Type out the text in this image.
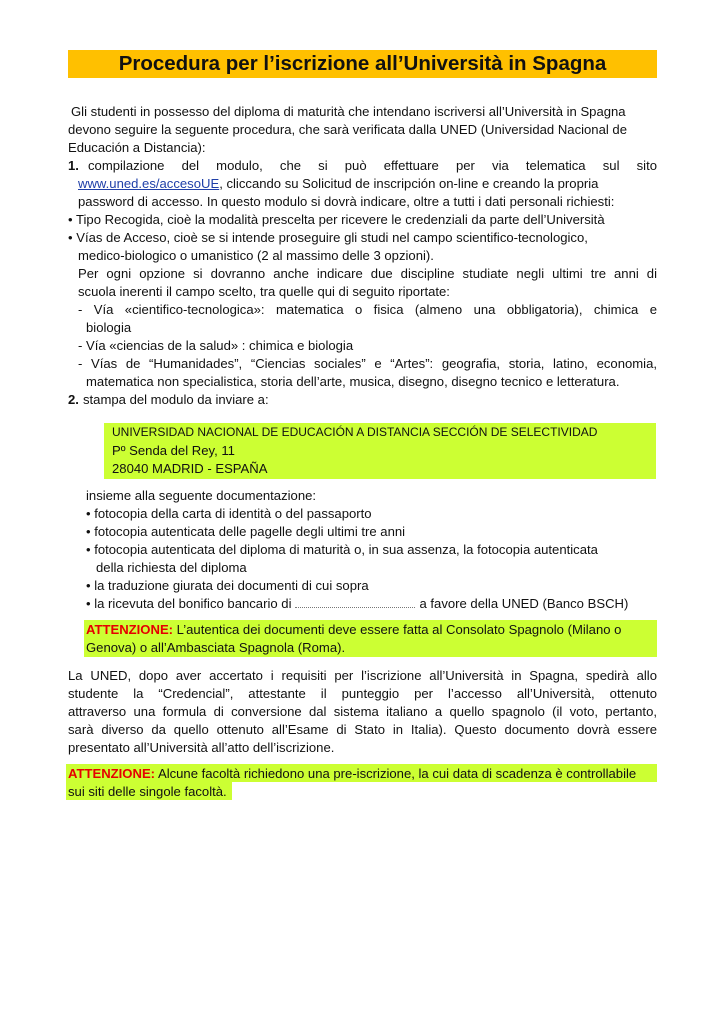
Procedura per l’iscrizione all’Università in Spagna
Gli studenti in possesso del diploma di maturità che intendano iscriversi all’Università in Spagna
devono seguire la seguente procedura, che sarà verificata dalla UNED (Universidad Nacional de
Educación a Distancia):
1. compilazione del modulo, che si può effettuare per via telematica sul sito
www.uned.es/accesoUE, cliccando su Solicitud de inscripción on-line e creando la propria
password di accesso. In questo modulo si dovrà indicare, oltre a tutti i dati personali richiesti:
• Tipo Recogida, cioè la modalità prescelta per ricevere le credenziali da parte dell’Università
• Vías de Acceso, cioè se si intende proseguire gli studi nel campo scientifico-tecnologico,
medico-biologico o umanistico (2 al massimo delle 3 opzioni).
Per ogni opzione si dovranno anche indicare due discipline studiate negli ultimi tre anni di
scuola inerenti il campo scelto, tra quelle qui di seguito riportate:
- Vía «cientifico-tecnologica»: matematica o fisica (almeno una obbligatoria), chimica e
biologia
- Vía «ciencias de la salud» : chimica e biologia
- Vías de “Humanidades”, “Ciencias sociales” e “Artes”: geografia, storia, latino, economia,
matematica non specialistica, storia dell’arte, musica, disegno, disegno tecnico e letteratura.
2. stampa del modulo da inviare a:
UNIVERSIDAD NACIONAL DE EDUCACIÓN A DISTANCIA SECCIÓN DE SELECTIVIDAD
Pº Senda del Rey, 11
28040 MADRID - ESPAÑA
insieme alla seguente documentazione:
• fotocopia della carta di identità o del passaporto
• fotocopia autenticata delle pagelle degli ultimi tre anni
• fotocopia autenticata del diploma di maturità o, in sua assenza, la fotocopia autenticata
della richiesta del diploma
• la traduzione giurata dei documenti di cui sopra
• la ricevuta del bonifico bancario di	a favore della UNED (Banco BSCH)
ATTENZIONE: L’autentica dei documenti deve essere fatta al Consolato Spagnolo (Milano o
Genova) o all’Ambasciata Spagnola (Roma).
La UNED, dopo aver accertato i requisiti per l’iscrizione all’Università in Spagna, spedirà allo
studente la “Credencial”, attestante il punteggio per l’accesso all’Università, ottenuto
attraverso una formula di conversione dal sistema italiano a quello spagnolo (il voto, pertanto,
sarà diverso da quello ottenuto all’Esame di Stato in Italia). Questo documento dovrà essere
presentato all’Università all’atto dell’iscrizione.
ATTENZIONE: Alcune facoltà richiedono una pre-iscrizione, la cui data di scadenza è controllabile
sui siti delle singole facoltà.
